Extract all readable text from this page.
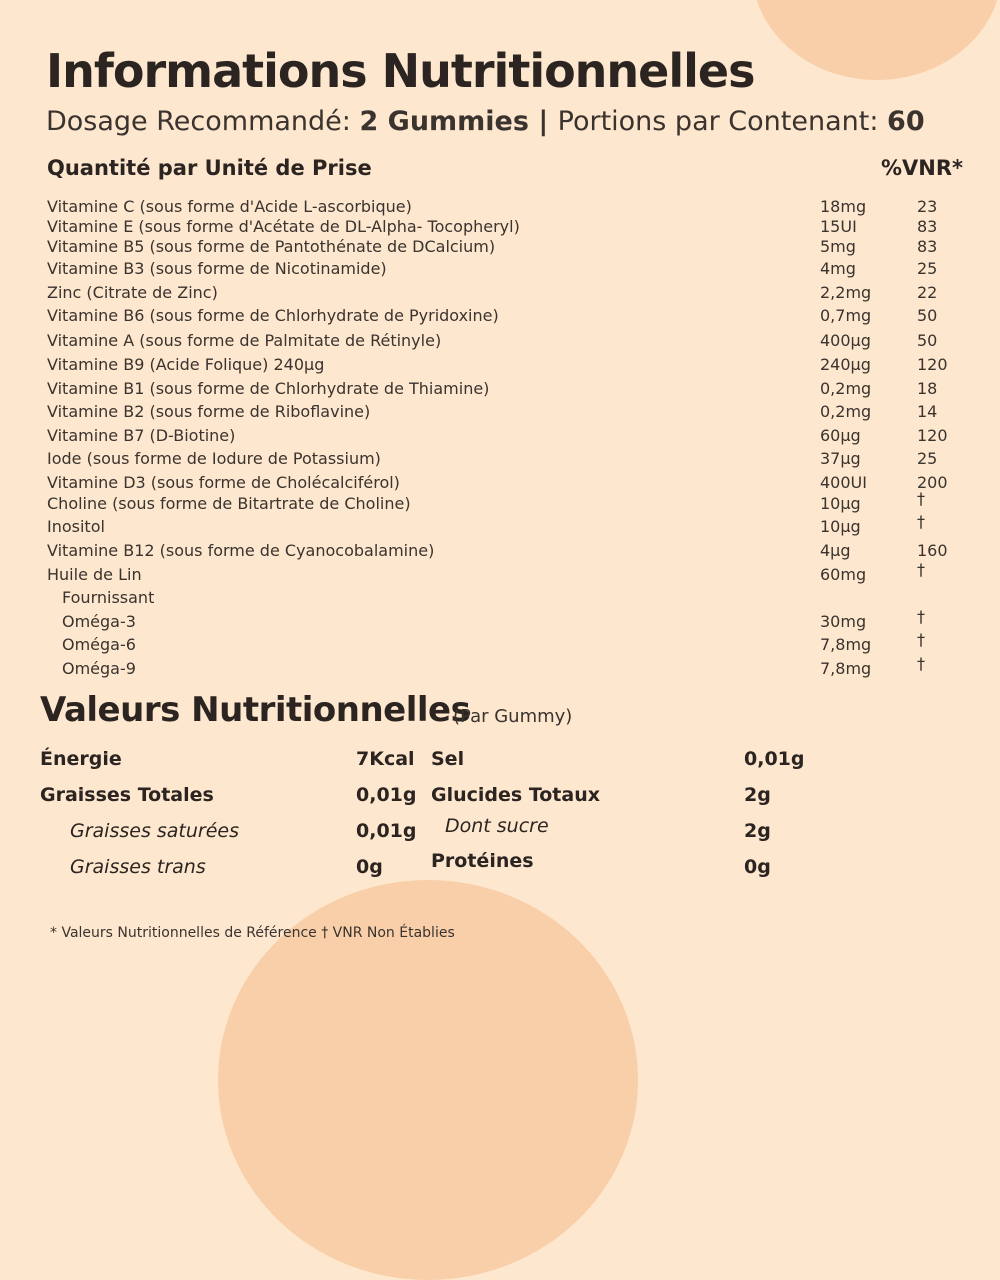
Informations Nutritionnelles
Dosage Recommandé: 2 Gummies | Portions par Contenant: 60
Quantité par Unité de Prise	%VNR*
Vitamine C (sous forme d'Acide L-ascorbique)	18mg	23
Vitamine E (sous forme d'Acétate de DL-Alpha- Tocopheryl)	15UI	83
Vitamine B5 (sous forme de Pantothénate de DCalcium)	5mg	83
Vitamine B3 (sous forme de Nicotinamide)	4mg	25
Zinc (Citrate de Zinc)	2,2mg	22
Vitamine B6 (sous forme de Chlorhydrate de Pyridoxine)	0,7mg	50
Vitamine A (sous forme de Palmitate de Rétinyle)	400µg	50
Vitamine B9 (Acide Folique) 240µg	240µg	120
Vitamine B1 (sous forme de Chlorhydrate de Thiamine)	0,2mg	18
Vitamine B2 (sous forme de Riboflavine)	0,2mg	14
Vitamine B7 (D-Biotine)	60µg	120
Iode (sous forme de Iodure de Potassium)	37µg	25
Vitamine D3 (sous forme de Cholécalciférol)	400UI	200
Choline (sous forme de Bitartrate de Choline)	10µg	†
Inositol	10µg	†
Vitamine B12 (sous forme de Cyanocobalamine)	4µg	160
Huile de Lin	60mg	†
Fournissant
Oméga-3	30mg	†
Oméga-6	7,8mg	†
Oméga-9	7,8mg	†
Valeurs Nutritionnelles
(Par Gummy)
Énergie	7Kcal
Graisses Totales	0,01g
Graisses saturées	0,01g
Graisses trans	0g
Sel	0,01g
Glucides Totaux	2g
Dont sucre	2g
Protéines	0g
* Valeurs Nutritionnelles de Référence † VNR Non Établies
